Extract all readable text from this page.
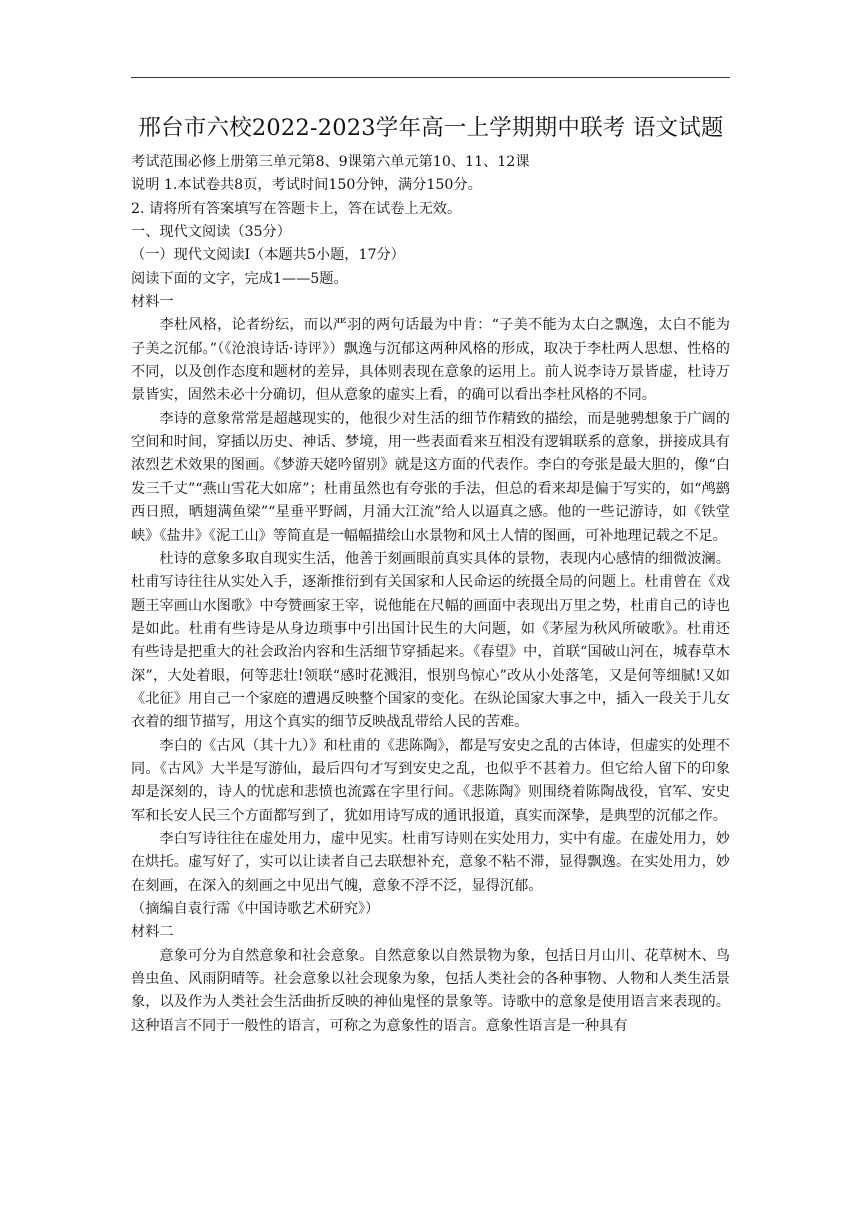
邢台市六校2022-2023学年高一上学期期中联考 语文试题
考试范围必修上册第三单元第8、9课第六单元第10、11、12课
说明 1.本试卷共8页，考试时间150分钟，满分150分。
2. 请将所有答案填写在答题卡上，答在试卷上无效。
一、现代文阅读（35分）
（一）现代文阅读Ⅰ（本题共5小题，17分）
阅读下面的文字，完成1——5题。
材料一
李杜风格，论者纷纭，而以严羽的两句话最为中肯：“子美不能为太白之飘逸，太白不能为子美之沉郁。”（《沧浪诗话·诗评》）飘逸与沉郁这两种风格的形成，取决于李杜两人思想、性格的不同，以及创作态度和题材的差异，具体则表现在意象的运用上。前人说李诗万景皆虚，杜诗万景皆实，固然未必十分确切，但从意象的虚实上看，的确可以看出李杜风格的不同。
李诗的意象常常是超越现实的，他很少对生活的细节作精致的描绘，而是驰骋想象于广阔的空间和时间，穿插以历史、神话、梦境，用一些表面看来互相没有逻辑联系的意象，拼接成具有浓烈艺术效果的图画。《梦游天姥吟留别》就是这方面的代表作。李白的夸张是最大胆的，像“白发三千丈”“燕山雪花大如席”；杜甫虽然也有夸张的手法，但总的看来却是偏于写实的，如“鸬鹚西日照，晒翅满鱼梁”“星垂平野阔，月涌大江流”给人以逼真之感。他的一些记游诗，如《铁堂峡》《盐井》《泥工山》等简直是一幅幅描绘山水景物和风土人情的图画，可补地理记载之不足。
杜诗的意象多取自现实生活，他善于刻画眼前真实具体的景物，表现内心感情的细微波澜。杜甫写诗往往从实处入手，逐渐推衍到有关国家和人民命运的统摄全局的问题上。杜甫曾在《戏题王宰画山水图歌》中夸赞画家王宰，说他能在尺幅的画面中表现出万里之势，杜甫自己的诗也是如此。杜甫有些诗是从身边琐事中引出国计民生的大问题，如《茅屋为秋风所破歌》。杜甫还有些诗是把重大的社会政治内容和生活细节穿插起来。《春望》中，首联“国破山河在，城春草木深”，大处着眼，何等悲壮!领联“感时花溅泪，恨别鸟惊心”改从小处落笔，又是何等细腻!又如《北征》用自己一个家庭的遭遇反映整个国家的变化。在纵论国家大事之中，插入一段关于儿女衣着的细节描写，用这个真实的细节反映战乱带给人民的苦难。
李白的《古风（其十九）》和杜甫的《悲陈陶》，都是写安史之乱的古体诗，但虚实的处理不同。《古风》大半是写游仙，最后四句才写到安史之乱，也似乎不甚着力。但它给人留下的印象却是深刻的，诗人的忧虑和悲愤也流露在字里行间。《悲陈陶》则围绕着陈陶战役，官军、安史军和长安人民三个方面都写到了，犹如用诗写成的通讯报道，真实而深挚，是典型的沉郁之作。
李白写诗往往在虚处用力，虚中见实。杜甫写诗则在实处用力，实中有虚。在虚处用力，妙在烘托。虚写好了，实可以让读者自己去联想补充，意象不粘不滞，显得飘逸。在实处用力，妙在刻画，在深入的刻画之中见出气魄，意象不浮不泛，显得沉郁。
（摘编自袁行霈《中国诗歌艺术研究》）
材料二
意象可分为自然意象和社会意象。自然意象以自然景物为象，包括日月山川、花草树木、鸟兽虫鱼、风雨阴晴等。社会意象以社会现象为象，包括人类社会的各种事物、人物和人类生活景象，以及作为人类社会生活曲折反映的神仙鬼怪的景象等。诗歌中的意象是使用语言来表现的。这种语言不同于一般性的语言，可称之为意象性的语言。意象性语言是一种具有
